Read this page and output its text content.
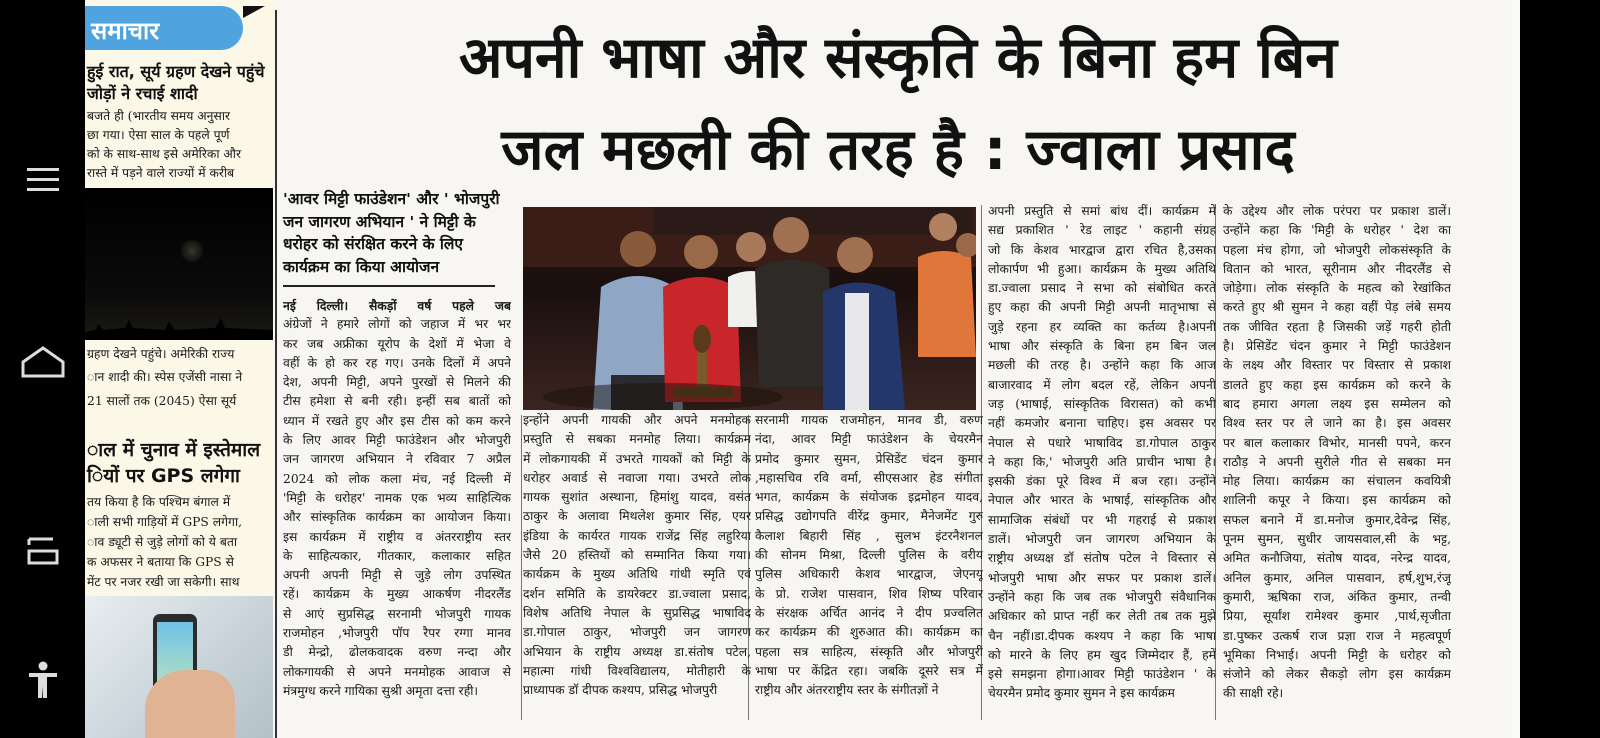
समाचार
हुई रात, सूर्य ग्रहण देखने पहुंचे
जोड़ों ने रचाई शादी
बजते ही (भारतीय समय अनुसार
छा गया। ऐसा साल के पहले पूर्ण
को के साथ-साथ इसे अमेरिका और
रास्ते में पड़ने वाले राज्यों में करीब
ग्रहण देखने पहुंचे। अमेरिकी राज्य
ान शादी की। स्पेस एजेंसी नासा ने
21 सालों तक (2045) ऐसा सूर्य
ाल में चुनाव में इस्तेमाल
ियों पर GPS लगेगा
तय किया है कि पश्चिम बंगाल में
ाली सभी गाड़ियों में GPS लगेगा,
ाव ड्यूटी से जुड़े लोगों को ये बता
क अफसर ने बताया कि GPS से
मेंट पर नजर रखी जा सकेगी। साथ
अपनी भाषा और संस्कृति के बिना हम बिन
जल मछली की तरह है : ज्वाला प्रसाद
'आवर मिट्टी फाउंडेशन' और ' भोजपुरी
जन जागरण अभियान ' ने मिट्टी के
धरोहर को संरक्षित करने के लिए
कार्यक्रम का किया आयोजन
नई दिल्ली। सैकड़ों वर्ष पहले जब
अंग्रेजों ने हमारे लोगों को जहाज में भर भर
कर जब अफ्रीका यूरोप के देशों में भेजा वे
वहीं के हो कर रह गए। उनके दिलों में अपने
देश, अपनी मिट्टी, अपने पुरखों से मिलने की
टीस हमेशा से बनी रही। इन्हीं सब बातों को
ध्यान में रखते हुए और इस टीस को कम करने
के लिए आवर मिट्टी फाउंडेशन और भोजपुरी
जन जागरण अभियान ने रविवार 7 अप्रैल
2024 को लोक कला मंच, नई दिल्ली में
'मिट्टी के धरोहर' नामक एक भव्य साहित्यिक
और सांस्कृतिक कार्यक्रम का आयोजन किया।
इस कार्यक्रम में राष्ट्रीय व अंतरराष्ट्रीय स्तर
के साहित्यकार, गीतकार, कलाकार सहित
अपनी अपनी मिट्टी से जुड़े लोग उपस्थित
रहें। कार्यक्रम के मुख्य आकर्षण नीदरलैंड
से आएं सुप्रसिद्ध सरनामी भोजपुरी गायक
राजमोहन ,भोजपुरी पॉप रैपर रग्गा मानव
डी मेन्द्रो, ढोलकवादक वरुण नन्दा और
लोकगायकी से अपने मनमोहक आवाज से
मंत्रमुग्ध करने गायिका सुश्री अमृता दत्ता रही।
इन्होंने अपनी गायकी और अपने मनमोहक
प्रस्तुति से सबका मनमोह लिया। कार्यक्रम
में लोकगायकी में उभरते गायकों को मिट्टी के
धरोहर अवार्ड से नवाजा गया। उभरते लोक
गायक सुशांत अस्थाना, हिमांशु यादव, वसंत
ठाकुर के अलावा मिथलेश कुमार सिंह, एयर
इंडिया के कार्यरत गायक राजेंद्र सिंह लहुरिया
जैसे 20 हस्तियों को सम्मानित किया गया।
कार्यक्रम के मुख्य अतिथि गांधी स्मृति एवं
दर्शन समिति के डायरेक्टर डा.ज्वाला प्रसाद,
विशेष अतिथि नेपाल के सुप्रसिद्ध भाषाविद
डा.गोपाल ठाकुर, भोजपुरी जन जागरण
अभियान के राष्ट्रीय अध्यक्ष डा.संतोष पटेल,
महात्मा गांधी विश्वविद्यालय, मोतीहारी के
प्राध्यापक डॉ दीपक कश्यप, प्रसिद्ध भोजपुरी
सरनामी गायक राजमोहन, मानव डी, वरुण
नंदा, आवर मिट्टी फाउंडेशन के चेयरमैन
प्रमोद कुमार सुमन, प्रेसिडेंट चंदन कुमार
,महासचिव रवि वर्मा, सीएसआर हेड संगीता
भगत, कार्यक्रम के संयोजक इद्रमोहन यादव,
प्रसिद्ध उद्योगपति वीरेंद्र कुमार, मैनेजमेंट गुरु
कैलाश बिहारी सिंह , सुलभ इंटरनैशनल
की सोनम मिश्रा, दिल्ली पुलिस के वरीय
पुलिस अधिकारी केशव भारद्वाज, जेएनयू
के प्रो. राजेश पासवान, शिव शिष्य परिवार
के संरक्षक अर्चित आनंद ने दीप प्रज्वलित
कर कार्यक्रम की शुरुआत की। कार्यक्रम का
पहला सत्र साहित्य, संस्कृति और भोजपुरी
भाषा पर केंद्रित रहा। जबकि दूसरे सत्र में
राष्ट्रीय और अंतरराष्ट्रीय स्तर के संगीतज्ञों ने
अपनी प्रस्तुति से समां बांध दीं। कार्यक्रम में
सद्य प्रकाशित ' रेड लाइट ' कहानी संग्रह
जो कि केशव भारद्वाज द्वारा रचित है,उसका
लोकार्पण भी हुआ। कार्यक्रम के मुख्य अतिथि
डा.ज्वाला प्रसाद ने सभा को संबोधित करते
हुए कहा की अपनी मिट्टी अपनी मातृभाषा से
जुड़े रहना हर व्यक्ति का कर्तव्य है।अपनी
भाषा और संस्कृति के बिना हम बिन जल
मछली की तरह है। उन्होंने कहा कि आज
बाजारवाद में लोग बदल रहें, लेकिन अपनी
जड़ (भाषाई, सांस्कृतिक विरासत) को कभी
नहीं कमजोर बनाना चाहिए। इस अवसर पर
नेपाल से पधारे भाषाविद डा.गोपाल ठाकुर
ने कहा कि,' भोजपुरी अति प्राचीन भाषा है।
इसकी डंका पूरे विश्व में बज रहा। उन्होंने
नेपाल और भारत के भाषाई, सांस्कृतिक और
सामाजिक संबंधों पर भी गहराई से प्रकाश
डालें। भोजपुरी जन जागरण अभियान के
राष्ट्रीय अध्यक्ष डॉ संतोष पटेल ने विस्तार से
भोजपुरी भाषा और सफर पर प्रकाश डालें।
उन्होंने कहा कि जब तक भोजपुरी संवैधानिक
अधिकार को प्राप्त नहीं कर लेती तब तक मुझे
चैन नहीं।डा.दीपक कश्यप ने कहा कि भाषा
को मारने के लिए हम खुद जिम्मेदार हैं, हमें
इसे समझना होगा।आवर मिट्टी फाउंडेशन ' के
चेयरमैन प्रमोद कुमार सुमन ने इस कार्यक्रम
के उद्देश्य और लोक परंपरा पर प्रकाश डालें।
उन्होंने कहा कि 'मिट्टी के धरोहर ' देश का
पहला मंच होगा, जो भोजपुरी लोकसंस्कृति के
वितान को भारत, सूरीनाम और नीदरलैंड से
जोड़ेगा। लोक संस्कृति के महत्व को रेखांकित
करते हुए श्री सुमन ने कहा वहीं पेड़ लंबे समय
तक जीवित रहता है जिसकी जड़ें गहरी होती
है। प्रेसिडेंट चंदन कुमार ने मिट्टी फाउंडेशन
के लक्ष्य और विस्तार पर विस्तार से प्रकाश
डालते हुए कहा इस कार्यक्रम को करने के
बाद हमारा अगला लक्ष्य इस सम्मेलन को
विश्व स्तर पर ले जाने का है। इस अवसर
पर बाल कलाकार विभोर, मानसी पपने, करन
राठौड़ ने अपनी सुरीले गीत से सबका मन
मोह लिया। कार्यक्रम का संचालन कवयित्री
शालिनी कपूर ने किया। इस कार्यक्रम को
सफल बनाने में डा.मनोज कुमार,देवेन्द्र सिंह,
पूनम सुमन, सुधीर जायसवाल,सी के भट्ट,
अमित कनौजिया, संतोष यादव, नरेन्द्र यादव,
अनिल कुमार, अनिल पासवान, हर्ष,शुभ,रंजू
कुमारी, ऋषिका राज, अंकित कुमार, तन्वी
प्रिया, सूर्यांश रामेश्वर कुमार ,पार्थ,सृजीता
डा.पुष्कर उत्कर्ष राज प्रज्ञा राज ने महत्वपूर्ण
भूमिका निभाई। अपनी मिट्टी के धरोहर को
संजोने को लेकर सैकड़ो लोग इस कार्यक्रम
की साक्षी रहे।
